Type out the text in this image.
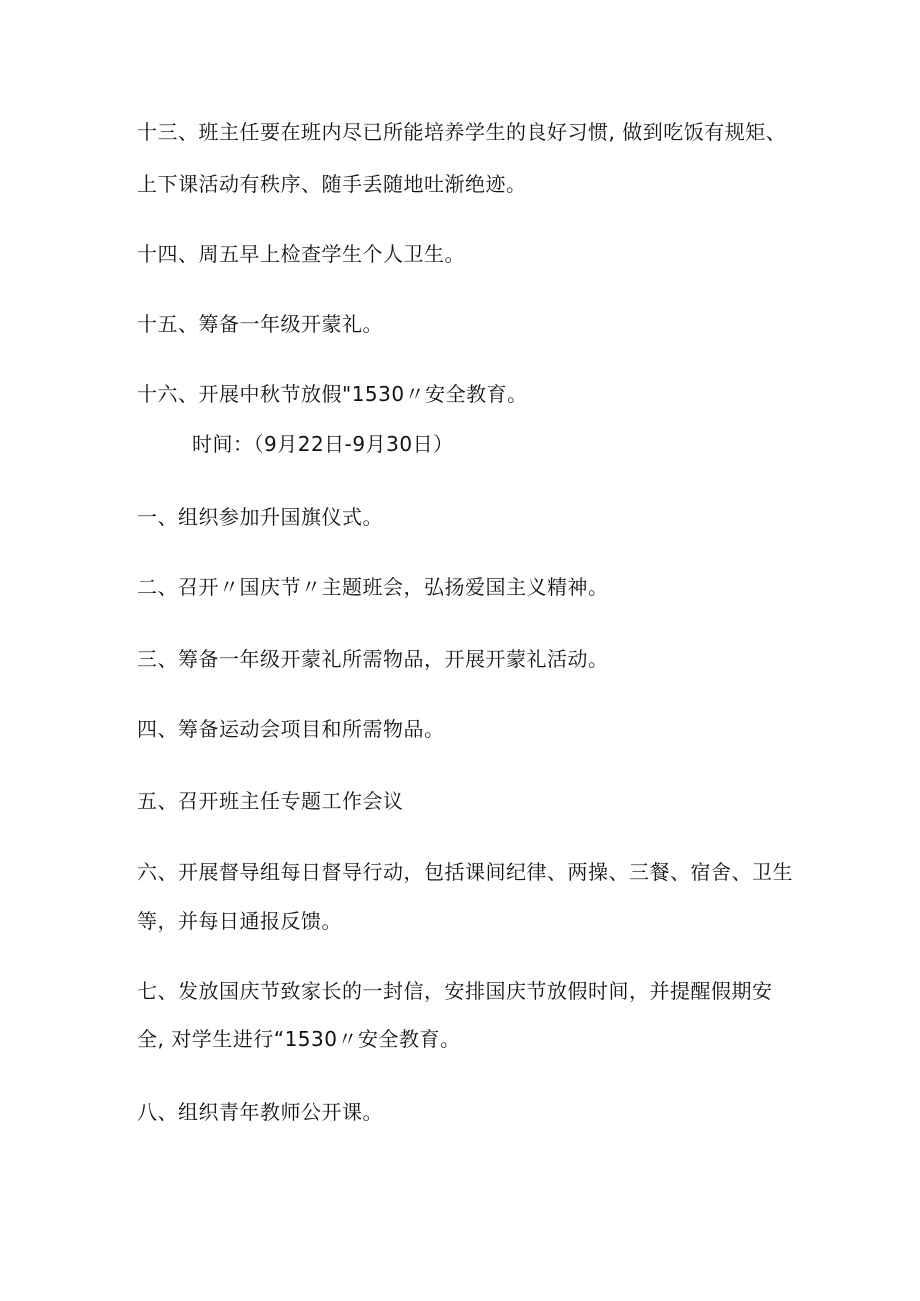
十三、班主任要在班内尽已所能培养学生的良好习惯, 做到吃饭有规矩、
上下课活动有秩序、随手丢随地吐渐绝迹。
十四、周五早上检查学生个人卫生。
十五、筹备一年级开蒙礼。
十六、开展中秋节放假"1530〃安全教育。
时间：（9月22日-9月30日）
一、组织参加升国旗仪式。
二、召开〃国庆节〃主题班会，弘扬爱国主义精神。
三、筹备一年级开蒙礼所需物品，开展开蒙礼活动。
四、筹备运动会项目和所需物品。
五、召开班主任专题工作会议
六、开展督导组每日督导行动，包括课间纪律、两操、三餐、宿舍、卫生
等，并每日通报反馈。
七、发放国庆节致家长的一封信，安排国庆节放假时间，并提醒假期安
全, 对学生进行“1530〃安全教育。
八、组织青年教师公开课。
